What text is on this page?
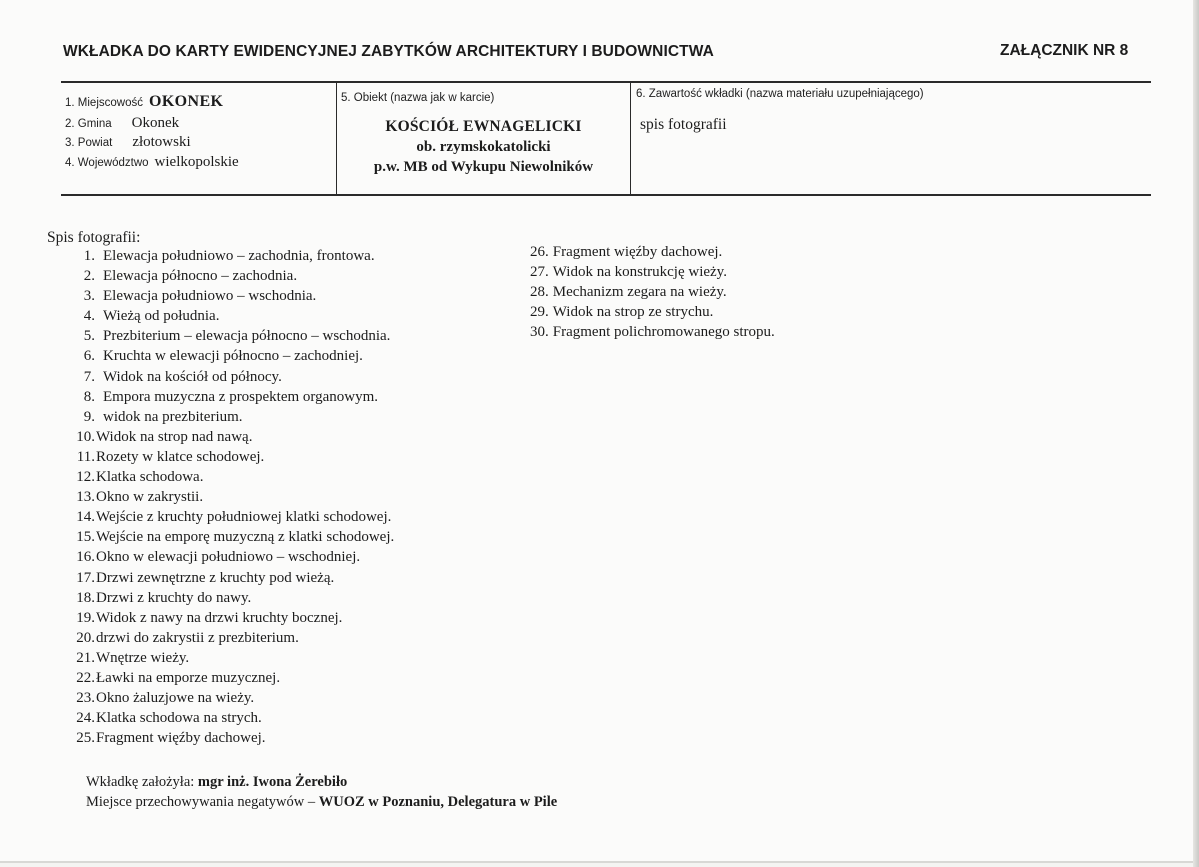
WKŁADKA DO KARTY EWIDENCYJNEJ ZABYTKÓW ARCHITEKTURY I BUDOWNICTWA	ZAŁĄCZNIK NR 8
1. Miejscowość OKONEK
2. Gmina Okonek
3. Powiat złotowski
4. Województwo wielkopolskie
5. Obiekt (nazwa jak w karcie)
KOŚCIÓŁ EWNAGELICKI
ob. rzymskokatolicki
p.w. MB od Wykupu Niewolników
6. Zawartość wkładki (nazwa materiału uzupełniającego)
spis fotografii
Spis fotografii:
1. Elewacja południowo – zachodnia, frontowa.
2. Elewacja północno – zachodnia.
3. Elewacja południowo – wschodnia.
4. Wieżą od południa.
5. Prezbiterium – elewacja północno – wschodnia.
6. Kruchta w elewacji północno – zachodniej.
7. Widok na kościół od północy.
8. Empora muzyczna z prospektem organowym.
9. widok na prezbiterium.
10.Widok na strop nad nawą.
11.Rozety w klatce schodowej.
12.Klatka schodowa.
13.Okno w zakrystii.
14.Wejście z kruchty południowej klatki schodowej.
15.Wejście na emporę muzyczną z klatki schodowej.
16.Okno w elewacji południowo – wschodniej.
17.Drzwi zewnętrzne z kruchty pod wieżą.
18.Drzwi z kruchty do nawy.
19.Widok z nawy na drzwi kruchty bocznej.
20.drzwi do zakrystii z prezbiterium.
21.Wnętrze wieży.
22.Ławki na emporze muzycznej.
23.Okno żaluzjowe na wieży.
24.Klatka schodowa na strych.
25.Fragment więźby dachowej.
26. Fragment więźby dachowej.
27. Widok na konstrukcję wieży.
28. Mechanizm zegara na wieży.
29. Widok na strop ze strychu.
30. Fragment polichromowanego stropu.
Wkładkę założyła: mgr inż. Iwona Żerebiło
Miejsce przechowywania negatywów – WUOZ w Poznaniu, Delegatura w Pile
